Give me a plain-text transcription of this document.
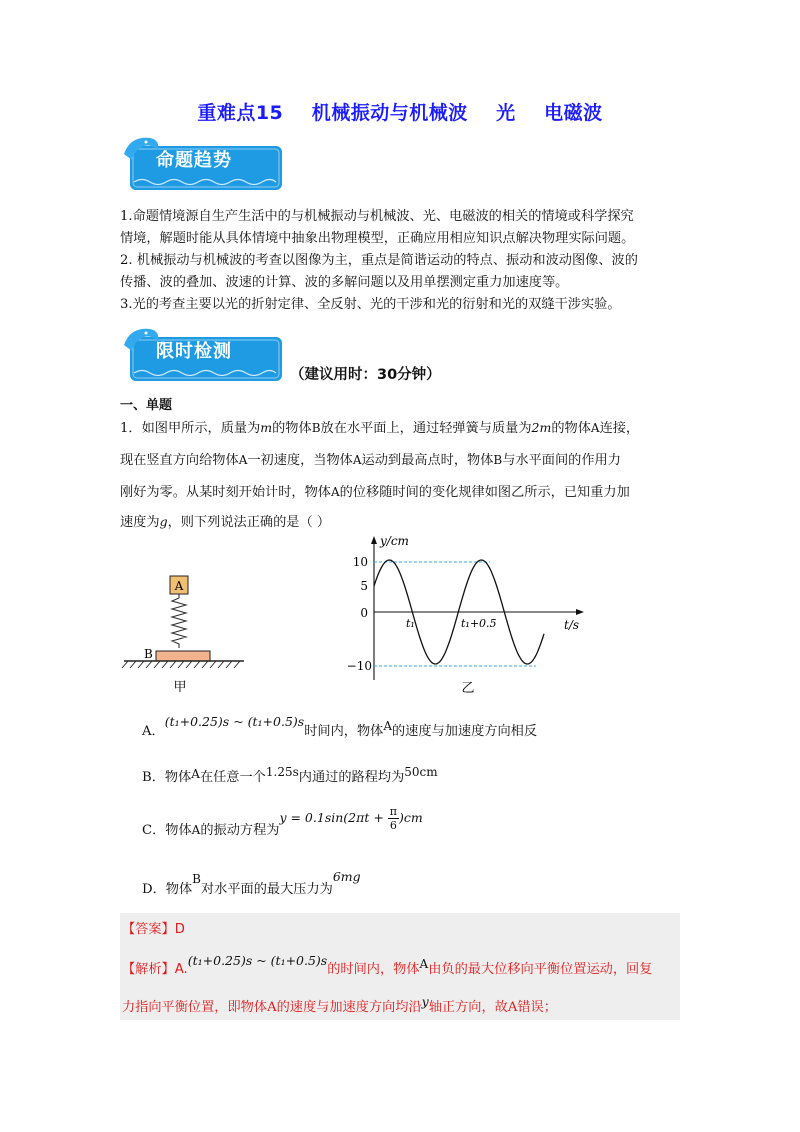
重难点15    机械振动与机械波    光    电磁波
命题趋势
1.命题情境源自生产生活中的与机械振动与机械波、光、电磁波的相关的情境或科学探究
情境，解题时能从具体情境中抽象出物理模型，正确应用相应知识点解决物理实际问题。
2. 机械振动与机械波的考查以图像为主，重点是简谐运动的特点、振动和波动图像、波的
传播、波的叠加、波速的计算、波的多解问题以及用单摆测定重力加速度等。
3.光的考查主要以光的折射定律、全反射、光的干涉和光的衍射和光的双缝干涉实验。
限时检测
（建议用时：30分钟）
一、单题
1．如图甲所示，质量为m的物体B放在水平面上，通过轻弹簧与质量为2m的物体A连接，
现在竖直方向给物体A一初速度，当物体A运动到最高点时，物体B与水平面间的作用力
刚好为零。从某时刻开始计时，物体A的位移随时间的变化规律如图乙所示，已知重力加
速度为g，则下列说法正确的是（ ）
A
B
甲
y/cm
t/s
10
5
0
−10
t₁	t₁+0.5
乙
A．(t₁+0.25)s ~ (t₁+0.5)s时间内，物体A的速度与加速度方向相反
B．物体A在任意一个1.25s内通过的路程均为50cm
C．物体A的振动方程为$y = 0.1\sin(2\pi t + \frac{\pi}{6} )cm$
D．物体B对水平面的最大压力为6mg
【答案】D
【解析】A.(t₁+0.25)s ~ (t₁+0.5)s的时间内，物体A由负的最大位移向平衡位置运动，回复
力指向平衡位置，即物体A的速度与加速度方向均沿y轴正方向，故A错误；
